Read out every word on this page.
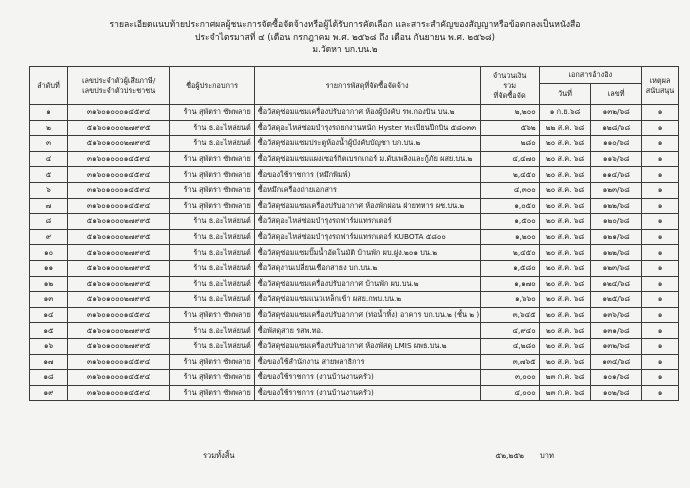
รายละเอียดแนบท้ายประกาศผลผู้ชนะการจัดซื้อจัดจ้างหรือผู้ได้รับการคัดเลือก และสาระสำคัญของสัญญาหรือข้อตกลงเป็นหนังสือ
ประจำไตรมาสที่ ๔ (เดือน กรกฎาคม พ.ศ. ๒๕๖๘ ถึง เดือน กันยายน พ.ศ. ๒๕๖๘)
ม.วัดหา บก.บน.๒
ลำดับที่	เลขประจำตัวผู้เสียภาษี/
เลขประจำตัวประชาชน	ชื่อผู้ประกอบการ	รายการพัสดุที่จัดซื้อจัดจ้าง	จำนวนเงิน
รวม
ที่จัดซื้อจัด	เอกสารอ้างอิง		เหตุผล
สนับสนุน
					วันที่	เลขที่	
๑	๓๑๖๐๑๐๐๐๑๔๕๙๔	ร้าน สุพัตรา ซัพพลาย	ซื้อวัสดุซ่อมแซมเครื่องปรับอากาศ ห้องผู้บังคับ รพ.กองบิน บน.๒	๒,๒๐๐	๑ ก.ย.๖๘	๑๓๒/๖๘	๑
๒	๕๑๖๐๑๐๐๐๒๗๙๙๕	ร้าน ธ.อะไหล่ยนต์	ซื้อวัสดุอะไหล่ซ่อมบำรุงรถยกงานหนัก Hyster ทะเบียนปีกบิน ๕๘๐๓๓	๕๖๒	๒๒ ส.ค. ๖๘	๑๒๘/๖๘	๑
๓	๕๑๖๐๑๐๐๐๒๗๙๙๕	ร้าน ธ.อะไหล่ยนต์	ซื้อวัสดุซ่อมแซมประตูห้องน้ำผู้บังคับบัญชา บก.บน.๒	๒๘๐	๒๐ ส.ค. ๖๘	๑๑๐/๖๘	๑
๔	๓๑๖๐๑๐๐๐๑๔๕๙๔	ร้าน สุพัตรา ซัพพลาย	ซื้อวัสดุซ่อมแซมแผงเซอร์กิตเบรกเกอร์ ม.ดับเพลิงและกู้ภัย ผสย.บน.๒	๔,๔๗๐	๒๐ ส.ค. ๖๘	๑๑๖/๖๘	๑
๕	๓๑๖๐๑๐๐๐๑๔๕๙๔	ร้าน สุพัตรา ซัพพลาย	ซื้อของใช้ราชการ (หมึกพิมพ์)	๒,๔๕๐	๒๐ ส.ค. ๖๘	๑๑๔/๖๘	๑
๖	๓๑๖๐๑๐๐๐๑๔๕๙๔	ร้าน สุพัตรา ซัพพลาย	ซื้อหมึกเครื่องถ่ายเอกสาร	๔,๓๐๐	๒๐ ส.ค. ๖๘	๑๒๓/๖๘	๑
๗	๓๑๖๐๑๐๐๐๑๔๕๙๔	ร้าน สุพัตรา ซัพพลาย	ซื้อวัสดุซ่อมแซมเครื่องปรับอากาศ ห้องพักผ่อน ฝ่ายทหาร ผช.บน.๒	๑,๐๕๐	๒๐ ส.ค. ๖๘	๑๒๒/๖๘	๑
๘	๕๑๖๐๑๐๐๐๒๗๙๙๕	ร้าน ธ.อะไหล่ยนต์	ซื้อวัสดุอะไหล่ซ่อมบำรุงรถฟาร์มแทรกเตอร์	๑,๕๐๐	๒๐ ส.ค. ๖๘	๑๒๐/๖๘	๑
๙	๕๑๖๐๑๐๐๐๒๗๙๙๕	ร้าน ธ.อะไหล่ยนต์	ซื้อวัสดุอะไหล่ซ่อมบำรุงรถฟาร์มแทรกเตอร์ KUBOTA ๕๘๐๐	๑,๒๐๐	๒๐ ส.ค. ๖๘	๑๒๑/๖๘	๑
๑๐	๕๑๖๐๑๐๐๐๒๗๙๙๕	ร้าน ธ.อะไหล่ยนต์	ซื้อวัสดุซ่อมแซมปั๊มน้ำอัตโนมัติ บ้านพัก ผบ.ฝูง.๒๐๑ บน.๒	๒,๔๕๐	๒๐ ส.ค. ๖๘	๑๒๒/๖๘	๑
๑๑	๕๑๖๐๑๐๐๐๒๗๙๙๕	ร้าน ธ.อะไหล่ยนต์	ซื้อวัสดุงานเปลี่ยนเชือกสาธง บก.บน.๒	๑,๕๘๐	๒๐ ส.ค. ๖๘	๑๒๓/๖๘	๑
๑๒	๕๑๖๐๑๐๐๐๒๗๙๙๕	ร้าน ธ.อะไหล่ยนต์	ซื้อวัสดุซ่อมแซมเครื่องปรับอากาศ บ้านพัก ผบ.บน.๒	๑,๑๗๐	๒๐ ส.ค. ๖๘	๑๒๔/๖๘	๑
๑๓	๕๑๖๐๑๐๐๐๒๗๙๙๕	ร้าน ธ.อะไหล่ยนต์	ซื้อวัสดุซ่อมแซมแนวเหล็กเข้า ผสย.กพบ.บน.๒	๑,๖๖๐	๒๐ ส.ค. ๖๘	๑๒๕/๖๘	๑
๑๔	๓๑๖๐๑๐๐๐๑๔๕๙๔	ร้าน สุพัตรา ซัพพลาย	ซื้อวัสดุซ่อมแซมเครื่องปรับอากาศ (ท่อน้ำทิ้ง) อาคาร บก.บน.๒ (ชั้น ๒ )	๓,๖๔๕	๒๐ ส.ค. ๖๘	๑๓๖/๖๘	๑
๑๕	๕๑๖๐๑๐๐๐๒๗๙๙๕	ร้าน ธ.อะไหล่ยนต์	ซื้อพัสดุสาย รสพ.ทอ.	๔,๙๔๐	๒๐ ส.ค. ๖๘	๑๓๑/๖๘	๑
๑๖	๕๑๖๐๑๐๐๐๒๗๙๙๕	ร้าน ธ.อะไหล่ยนต์	ซื้อวัสดุซ่อมแซมเครื่องปรับอากาศ ห้องพัสดุ LMIS ผพธ.บน.๒	๔,๒๘๐	๒๐ ส.ค. ๖๘	๑๓๒/๖๘	๑
๑๗	๓๑๖๐๑๐๐๐๑๔๕๙๔	ร้าน สุพัตรา ซัพพลาย	ซื้อของใช้สำนักงาน สายพลาธิการ	๓,๗๖๕	๒๐ ส.ค. ๖๘	๑๓๔/๖๘	๑
๑๘	๓๑๖๐๑๐๐๐๑๔๕๙๔	ร้าน สุพัตรา ซัพพลาย	ซื้อของใช้ราชการ (งานบ้านงานครัว)	๓,๐๐๐	๒๓ ก.ค. ๖๘	๑๐๑/๖๘	๑
๑๙	๓๑๖๐๑๐๐๐๑๔๕๙๔	ร้าน สุพัตรา ซัพพลาย	ซื้อของใช้ราชการ (งานบ้านงานครัว)	๔,๐๐๐	๒๓ ก.ค. ๖๘	๑๐๒/๖๘	๑
รวมทั้งสิ้น	๕๒,๒๕๒ บาท
